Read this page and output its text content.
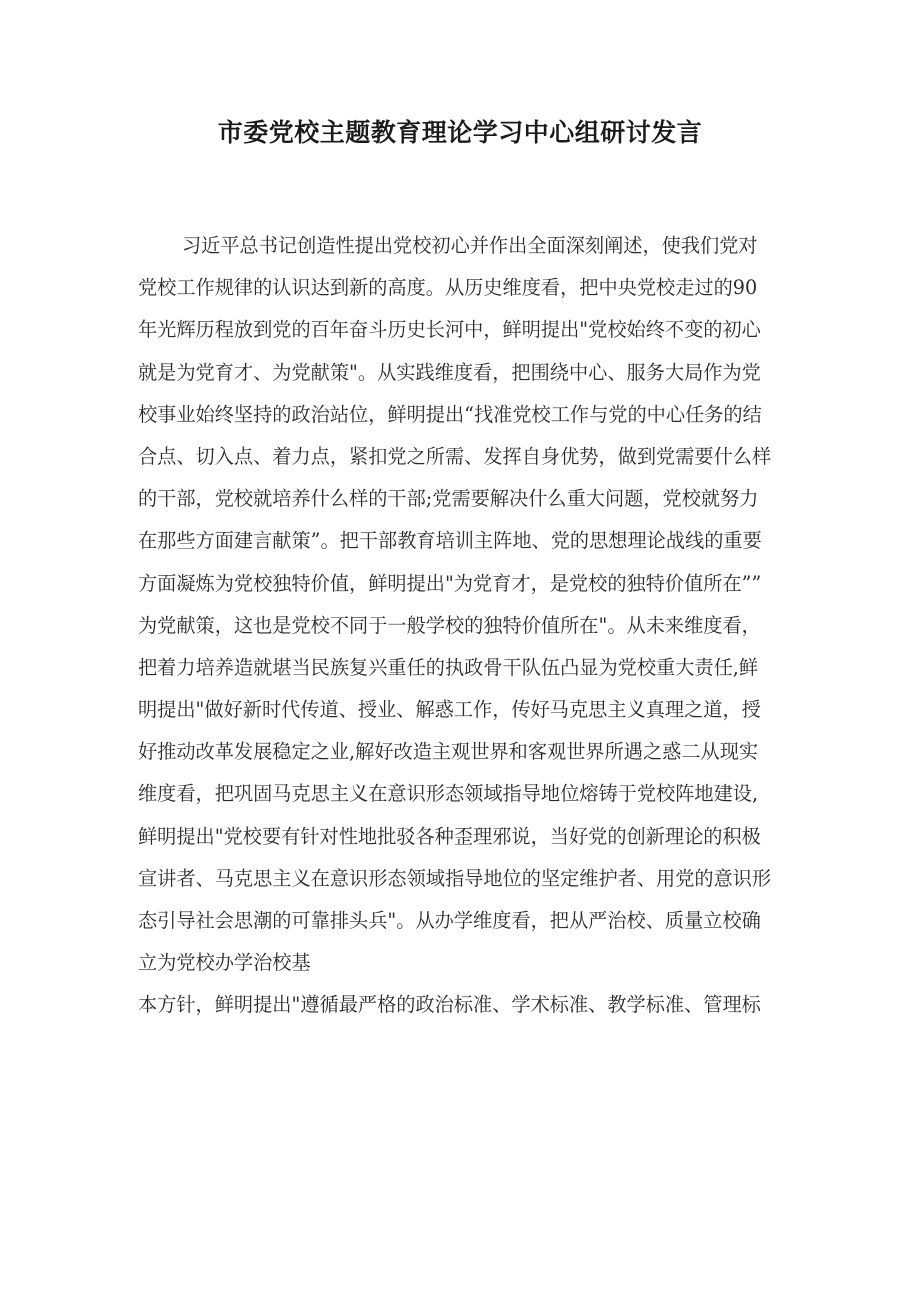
市委党校主题教育理论学习中心组研讨发言
习近平总书记创造性提出党校初心并作出全面深刻阐述，使我们党对
党校工作规律的认识达到新的高度。从历史维度看，把中央党校走过的90
年光辉历程放到党的百年奋斗历史长河中，鲜明提出"党校始终不变的初心
就是为党育才、为党献策"。从实践维度看，把围绕中心、服务大局作为党
校事业始终坚持的政治站位，鲜明提出“找准党校工作与党的中心任务的结
合点、切入点、着力点，紧扣党之所需、发挥自身优势，做到党需要什么样
的干部，党校就培养什么样的干部;党需要解决什么重大问题，党校就努力
在那些方面建言献策”。把干部教育培训主阵地、党的思想理论战线的重要
方面凝炼为党校独特价值，鲜明提出"为党育才，是党校的独特价值所在””
为党献策，这也是党校不同于一般学校的独特价值所在"。从未来维度看，
把着力培养造就堪当民族复兴重任的执政骨干队伍凸显为党校重大责任,鲜
明提出"做好新时代传道、授业、解惑工作，传好马克思主义真理之道，授
好推动改革发展稳定之业,解好改造主观世界和客观世界所遇之惑二从现实
维度看，把巩固马克思主义在意识形态领域指导地位熔铸于党校阵地建设,
鲜明提出"党校要有针对性地批驳各种歪理邪说，当好党的创新理论的积极
宣讲者、马克思主义在意识形态领域指导地位的坚定维护者、用党的意识形
态引导社会思潮的可靠排头兵"。从办学维度看，把从严治校、质量立校确
立为党校办学治校基
本方针，鲜明提出"遵循最严格的政治标准、学术标准、教学标准、管理标
